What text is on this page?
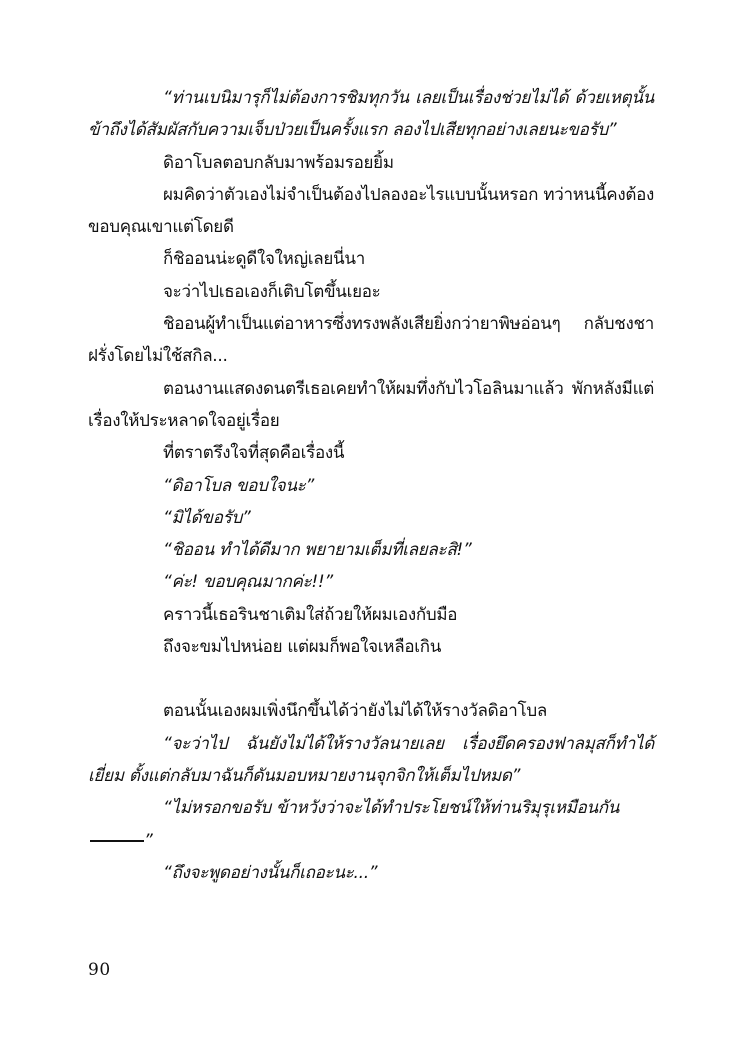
“ท่านเบนิมารุก็ไม่ต้องการชิมทุกวัน เลยเป็นเรื่องช่วยไม่ได้ ด้วยเหตุนั้นข้าถึงได้สัมผัสกับความเจ็บป่วยเป็นครั้งแรก ลองไปเสียทุกอย่างเลยนะขอรับ”

ดิอาโบลตอบกลับมาพร้อมรอยยิ้ม

ผมคิดว่าตัวเองไม่จำเป็นต้องไปลองอะไรแบบนั้นหรอก ทว่าหนนี้คงต้องขอบคุณเขาแต่โดยดี

ก็ชิออนน่ะดูดีใจใหญ่เลยนี่นา

จะว่าไปเธอเองก็เติบโตขึ้นเยอะ

ชิออนผู้ทำเป็นแต่อาหารซึ่งทรงพลังเสียยิ่งกว่ายาพิษอ่อนๆ กลับชงชาฝรั่งโดยไม่ใช้สกิล...

ตอนงานแสดงดนตรีเธอเคยทำให้ผมทึ่งกับไวโอลินมาแล้ว พักหลังมีแต่เรื่องให้ประหลาดใจอยู่เรื่อย

ที่ตราตรึงใจที่สุดคือเรื่องนี้

“ดิอาโบล ขอบใจนะ”

“มิได้ขอรับ”

“ชิออน ทำได้ดีมาก พยายามเต็มที่เลยละสิ!”

“ค่ะ! ขอบคุณมากค่ะ!!”

คราวนี้เธอรินชาเติมใส่ถ้วยให้ผมเองกับมือ

ถึงจะขมไปหน่อย แต่ผมก็พอใจเหลือเกิน

ตอนนั้นเองผมเพิ่งนึกขึ้นได้ว่ายังไม่ได้ให้รางวัลดิอาโบล

“จะว่าไป ฉันยังไม่ได้ให้รางวัลนายเลย เรื่องยึดครองฟาลมุสก็ทำได้เยี่ยม ตั้งแต่กลับมาฉันก็ดันมอบหมายงานจุกจิกให้เต็มไปหมด”

“ไม่หรอกขอรับ ข้าหวังว่าจะได้ทำประโยชน์ให้ท่านริมุรุเหมือนกัน”

“ถึงจะพูดอย่างนั้นก็เถอะนะ...”

90
